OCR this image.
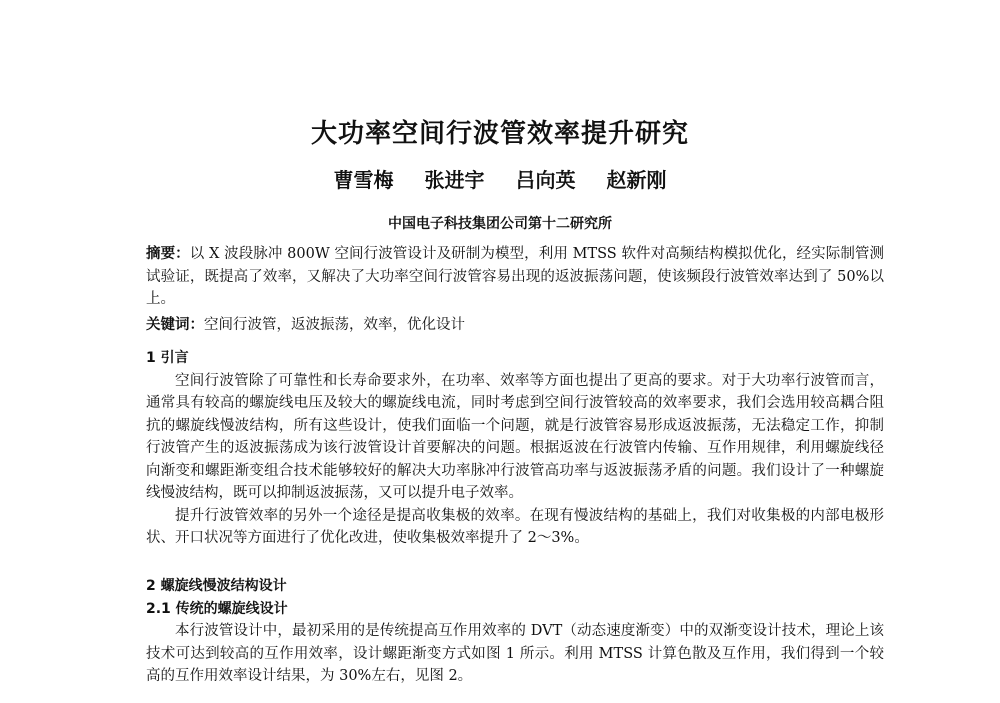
大功率空间行波管效率提升研究
曹雪梅 张进宇 吕向英 赵新刚
中国电子科技集团公司第十二研究所

摘要：以 X 波段脉冲 800W 空间行波管设计及研制为模型，利用 MTSS 软件对高频结构模拟优化，经实际制管测试验证，既提高了效率，又解决了大功率空间行波管容易出现的返波振荡问题，使该频段行波管效率达到了 50%以上。

关键词：空间行波管，返波振荡，效率，优化设计

1 引言

空间行波管除了可靠性和长寿命要求外，在功率、效率等方面也提出了更高的要求。对于大功率行波管而言，通常具有较高的螺旋线电压及较大的螺旋线电流，同时考虑到空间行波管较高的效率要求，我们会选用较高耦合阻抗的螺旋线慢波结构，所有这些设计，使我们面临一个问题，就是行波管容易形成返波振荡，无法稳定工作，抑制行波管产生的返波振荡成为该行波管设计首要解决的问题。根据返波在行波管内传输、互作用规律，利用螺旋线径向渐变和螺距渐变组合技术能够较好的解决大功率脉冲行波管高功率与返波振荡矛盾的问题。我们设计了一种螺旋线慢波结构，既可以抑制返波振荡，又可以提升电子效率。

提升行波管效率的另外一个途径是提高收集极的效率。在现有慢波结构的基础上，我们对收集极的内部电极形状、开口状况等方面进行了优化改进，使收集极效率提升了 2～3%。

2 螺旋线慢波结构设计
2.1 传统的螺旋线设计

本行波管设计中，最初采用的是传统提高互作用效率的 DVT（动态速度渐变）中的双渐变设计技术，理论上该技术可达到较高的互作用效率，设计螺距渐变方式如图 1 所示。利用 MTSS 计算色散及互作用，我们得到一个较高的互作用效率设计结果，为 30%左右，见图 2。
